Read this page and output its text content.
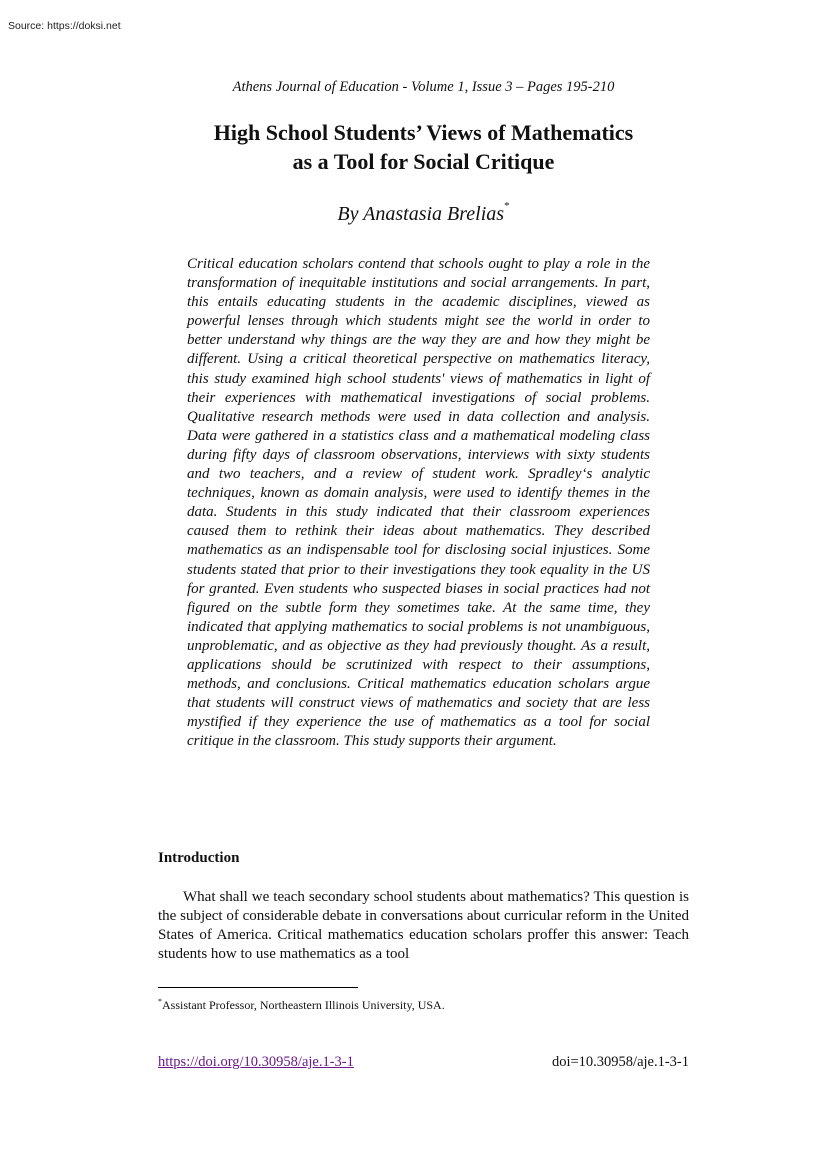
Source: https://doksi.net
Athens Journal of Education - Volume 1, Issue 3 – Pages 195-210
High School Students’ Views of Mathematics
as a Tool for Social Critique
By Anastasia Brelias*

Critical education scholars contend that schools ought to play a role in the transformation of inequitable institutions and social arrangements. In part, this entails educating students in the academic disciplines, viewed as powerful lenses through which students might see the world in order to better understand why things are the way they are and how they might be different. Using a critical theoretical perspective on mathematics literacy, this study examined high school students' views of mathematics in light of their experiences with mathematical investigations of social problems. Qualitative research methods were used in data collection and analysis. Data were gathered in a statistics class and a mathematical modeling class during fifty days of classroom observations, interviews with sixty students and two teachers, and a review of student work. Spradley‘s analytic techniques, known as domain analysis, were used to identify themes in the data. Students in this study indicated that their classroom experiences caused them to rethink their ideas about mathematics. They described mathematics as an indispensable tool for disclosing social injustices. Some students stated that prior to their investigations they took equality in the US for granted. Even students who suspected biases in social practices had not figured on the subtle form they sometimes take. At the same time, they indicated that applying mathematics to social problems is not unambiguous, unproblematic, and as objective as they had previously thought. As a result, applications should be scrutinized with respect to their assumptions, methods, and conclusions. Critical mathematics education scholars argue that students will construct views of mathematics and society that are less mystified if they experience the use of mathematics as a tool for social critique in the classroom. This study supports their argument.

Introduction

What shall we teach secondary school students about mathematics? This question is the subject of considerable debate in conversations about curricular reform in the United States of America. Critical mathematics education scholars proffer this answer: Teach students how to use mathematics as a tool

*Assistant Professor, Northeastern Illinois University, USA.
https://doi.org/10.30958/aje.1-3-1	doi=10.30958/aje.1-3-1
